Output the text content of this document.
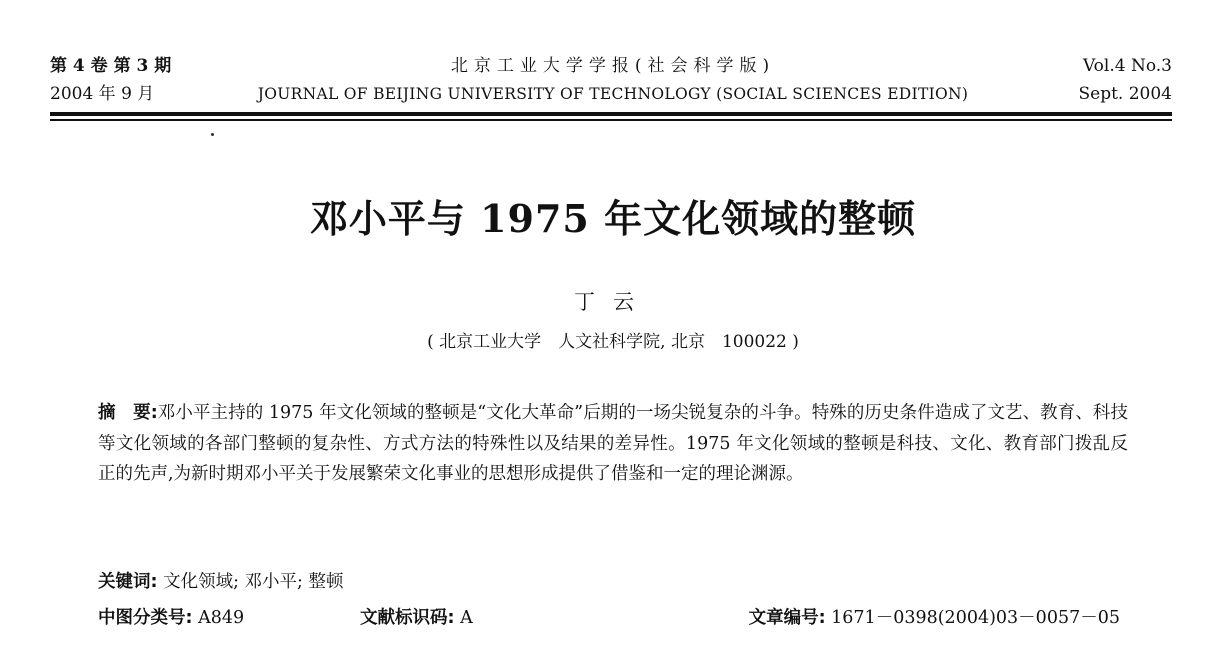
第 4 卷 第 3 期
2004 年 9 月
北京工业大学学报(社会科学版)
JOURNAL OF BEIJING UNIVERSITY OF TECHNOLOGY (SOCIAL SCIENCES EDITION)
Vol.4 No.3
Sept. 2004
邓小平与 1975 年文化领域的整顿
丁云
( 北京工业大学　人文社科学院, 北京　100022 )
摘　要:邓小平主持的 1975 年文化领域的整顿是“文化大革命”后期的一场尖锐复杂的斗争。特殊的历史条件造成了文艺、教育、科技等文化领域的各部门整顿的复杂性、方式方法的特殊性以及结果的差异性。1975 年文化领域的整顿是科技、文化、教育部门拨乱反正的先声,为新时期邓小平关于发展繁荣文化事业的思想形成提供了借鉴和一定的理论渊源。
关键词: 文化领域; 邓小平; 整顿
中图分类号: A849	文献标识码: A	文章编号: 1671－0398(2004)03－0057－05
